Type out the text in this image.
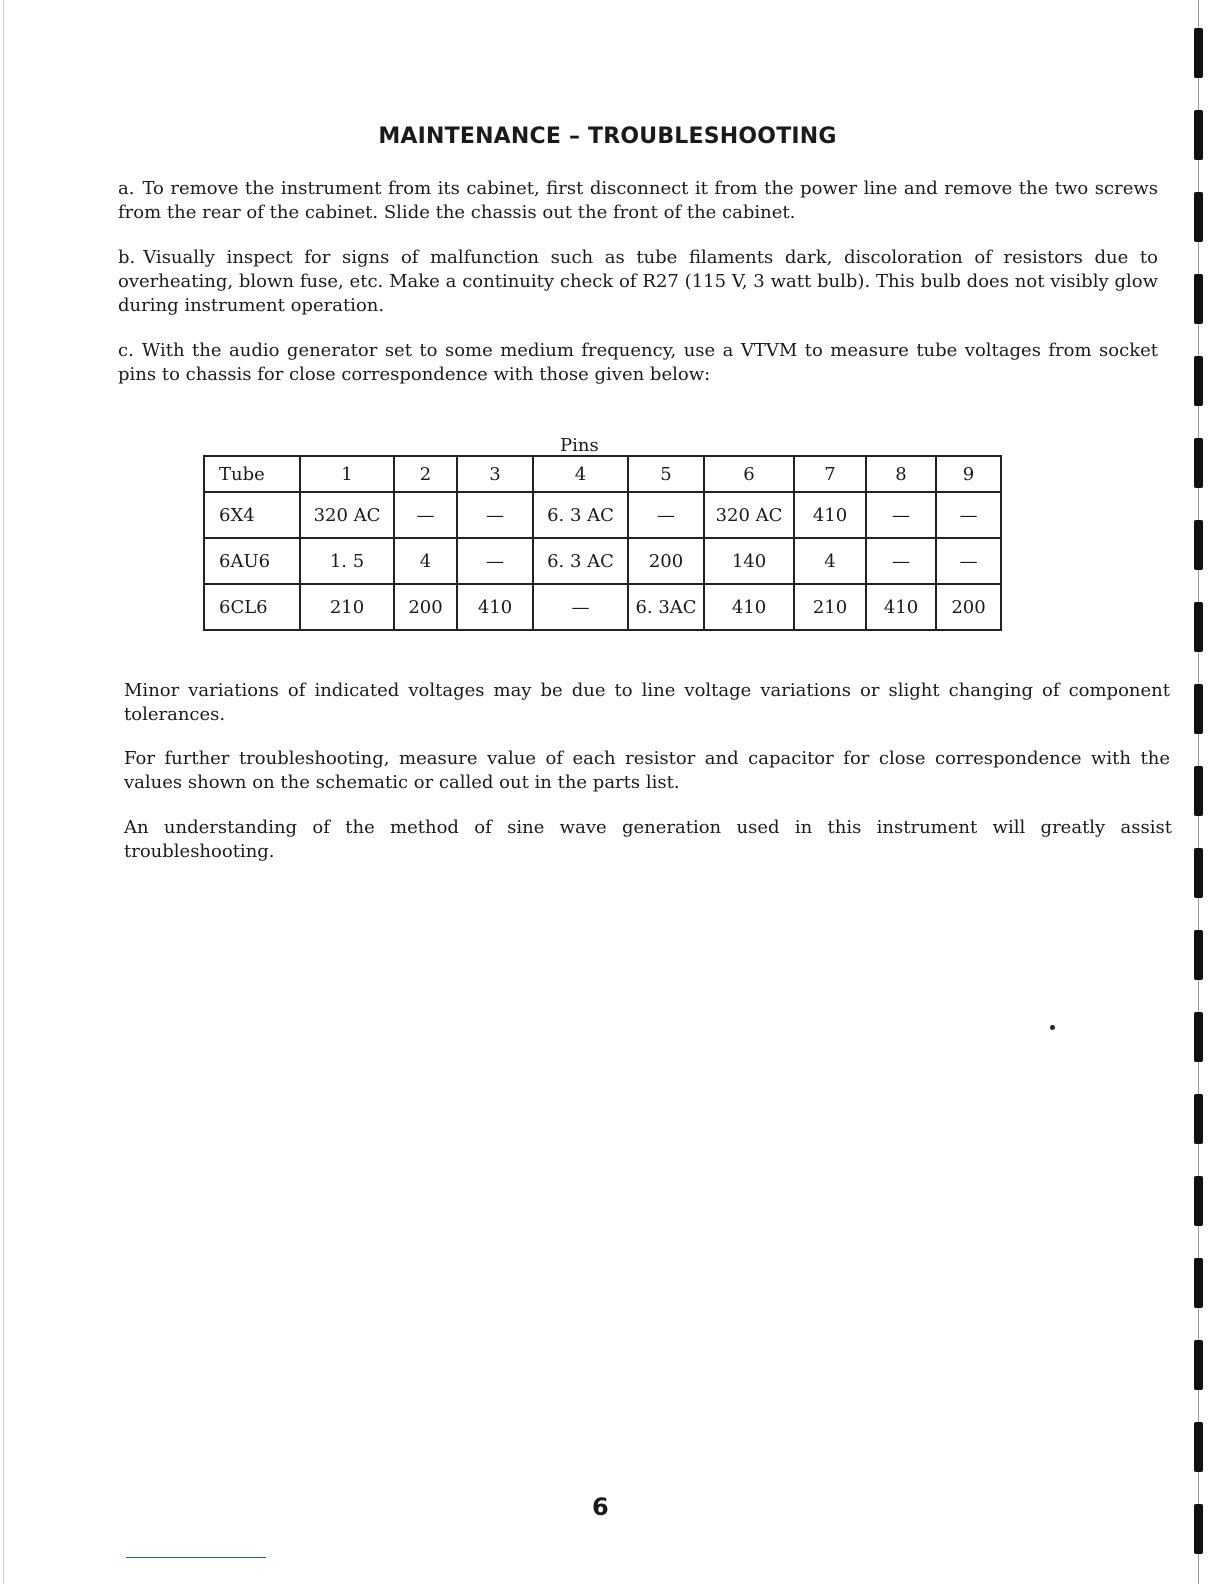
MAINTENANCE – TROUBLESHOOTING
a. To remove the instrument from its cabinet, first disconnect it from the power line and remove the two screws from the rear of the cabinet. Slide the chassis out the front of the cabinet.
b. Visually inspect for signs of malfunction such as tube filaments dark, discoloration of resistors due to overheating, blown fuse, etc. Make a continuity check of R27 (115 V, 3 watt bulb). This bulb does not visibly glow during instrument operation.
c. With the audio generator set to some medium frequency, use a VTVM to measure tube voltages from socket pins to chassis for close correspondence with those given below:
Pins
Tube	1	2	3	4	5	6	7	8	9
6X4	320 AC	—	—	6. 3 AC	—	320 AC	410	—	—
6AU6	1. 5	4	—	6. 3 AC	200	140	4	—	—
6CL6	210	200	410	—	6. 3AC	410	210	410	200
Minor variations of indicated voltages may be due to line voltage variations or slight changing of component tolerances.
For further troubleshooting, measure value of each resistor and capacitor for close correspondence with the values shown on the schematic or called out in the parts list.
An understanding of the method of sine wave generation used in this instrument will greatly assist troubleshooting.
6
